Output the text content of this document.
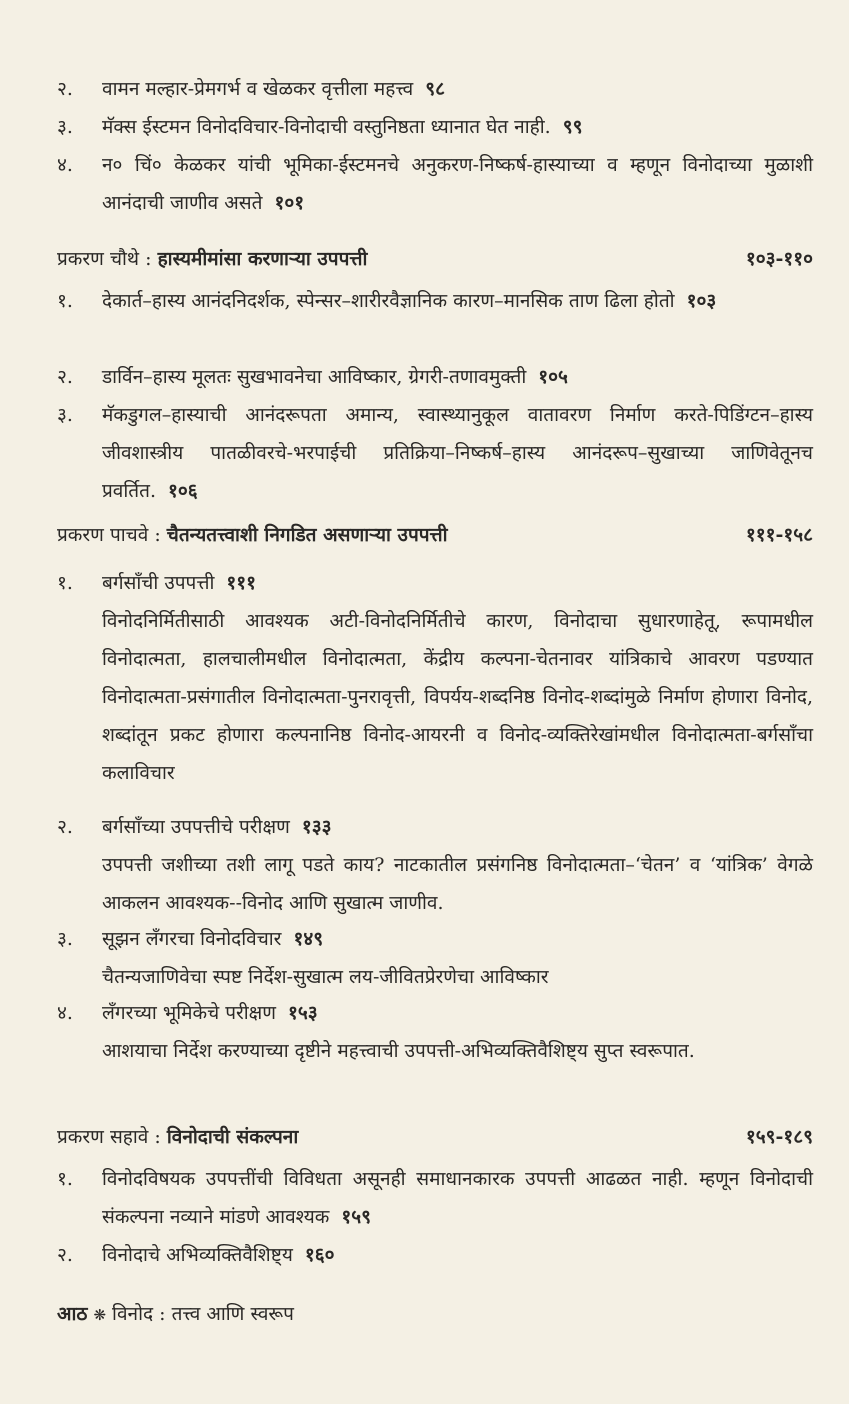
२.	वामन मल्हार-प्रेमगर्भ व खेळकर वृत्तीला महत्त्व ९८
३.	मॅक्स ईस्टमन विनोदविचार-विनोदाची वस्तुनिष्ठता ध्यानात घेत नाही. ९९
४.	न० चिं० केळकर यांची भूमिका-ईस्टमनचे अनुकरण-निष्कर्ष-हास्याच्या व म्हणून विनोदाच्या मुळाशी आनंदाची जाणीव असते १०१
प्रकरण चौथे : हास्यमीमांसा करणाऱ्या उपपत्ती	१०३-११०
१.	देकार्त–हास्य आनंदनिदर्शक, स्पेन्सर–शारीरवैज्ञानिक कारण–मानसिक ताण ढिला होतो १०३
२.	डार्विन–हास्य मूलतः सुखभावनेचा आविष्कार, ग्रेगरी-तणावमुक्ती १०५
३.	मॅकडुगल–हास्याची आनंदरूपता अमान्य, स्वास्थ्यानुकूल वातावरण निर्माण करते-पिडिंग्टन–हास्य जीवशास्त्रीय पातळीवरचे-भरपाईची प्रतिक्रिया–निष्कर्ष–हास्य आनंदरूप–सुखाच्या जाणिवेतूनच प्रवर्तित. १०६
प्रकरण पाचवे : चैतन्यतत्त्वाशी निगडित असणाऱ्या उपपत्ती	१११-१५८
१.	बर्गसाँची उपपत्ती १११
विनोदनिर्मितीसाठी आवश्यक अटी-विनोदनिर्मितीचे कारण, विनोदाचा सुधारणाहेतू, रूपामधील विनोदात्मता, हालचालीमधील विनोदात्मता, केंद्रीय कल्पना-चेतनावर यांत्रिकाचे आवरण पडण्यात विनोदात्मता-प्रसंगातील विनोदात्मता-पुनरावृत्ती, विपर्यय-शब्दनिष्ठ विनोद-शब्दांमुळे निर्माण होणारा विनोद, शब्दांतून प्रकट होणारा कल्पनानिष्ठ विनोद-आयरनी व विनोद-व्यक्तिरेखांमधील विनोदात्मता-बर्गसाँचा कलाविचार
२.	बर्गसाँच्या उपपत्तीचे परीक्षण १३३
उपपत्ती जशीच्या तशी लागू पडते काय? नाटकातील प्रसंगनिष्ठ विनोदात्मता–‘चेतन’ व ‘यांत्रिक’ वेगळे आकलन आवश्यक--विनोद आणि सुखात्म जाणीव.
३.	सूझन लँगरचा विनोदविचार १४९
चैतन्यजाणिवेचा स्पष्ट निर्देश-सुखात्म लय-जीवितप्रेरणेचा आविष्कार
४.	लँगरच्या भूमिकेचे परीक्षण १५३
आशयाचा निर्देश करण्याच्या दृष्टीने महत्त्वाची उपपत्ती-अभिव्यक्तिवैशिष्ट्य सुप्त स्वरूपात.
प्रकरण सहावे : विनोदाची संकल्पना	१५९-१८९
१.	विनोदविषयक उपपत्तींची विविधता असूनही समाधानकारक उपपत्ती आढळत नाही. म्हणून विनोदाची संकल्पना नव्याने मांडणे आवश्यक १५९
२.	विनोदाचे अभिव्यक्तिवैशिष्ट्य १६०
आठ ❋ विनोद : तत्त्व आणि स्वरूप
